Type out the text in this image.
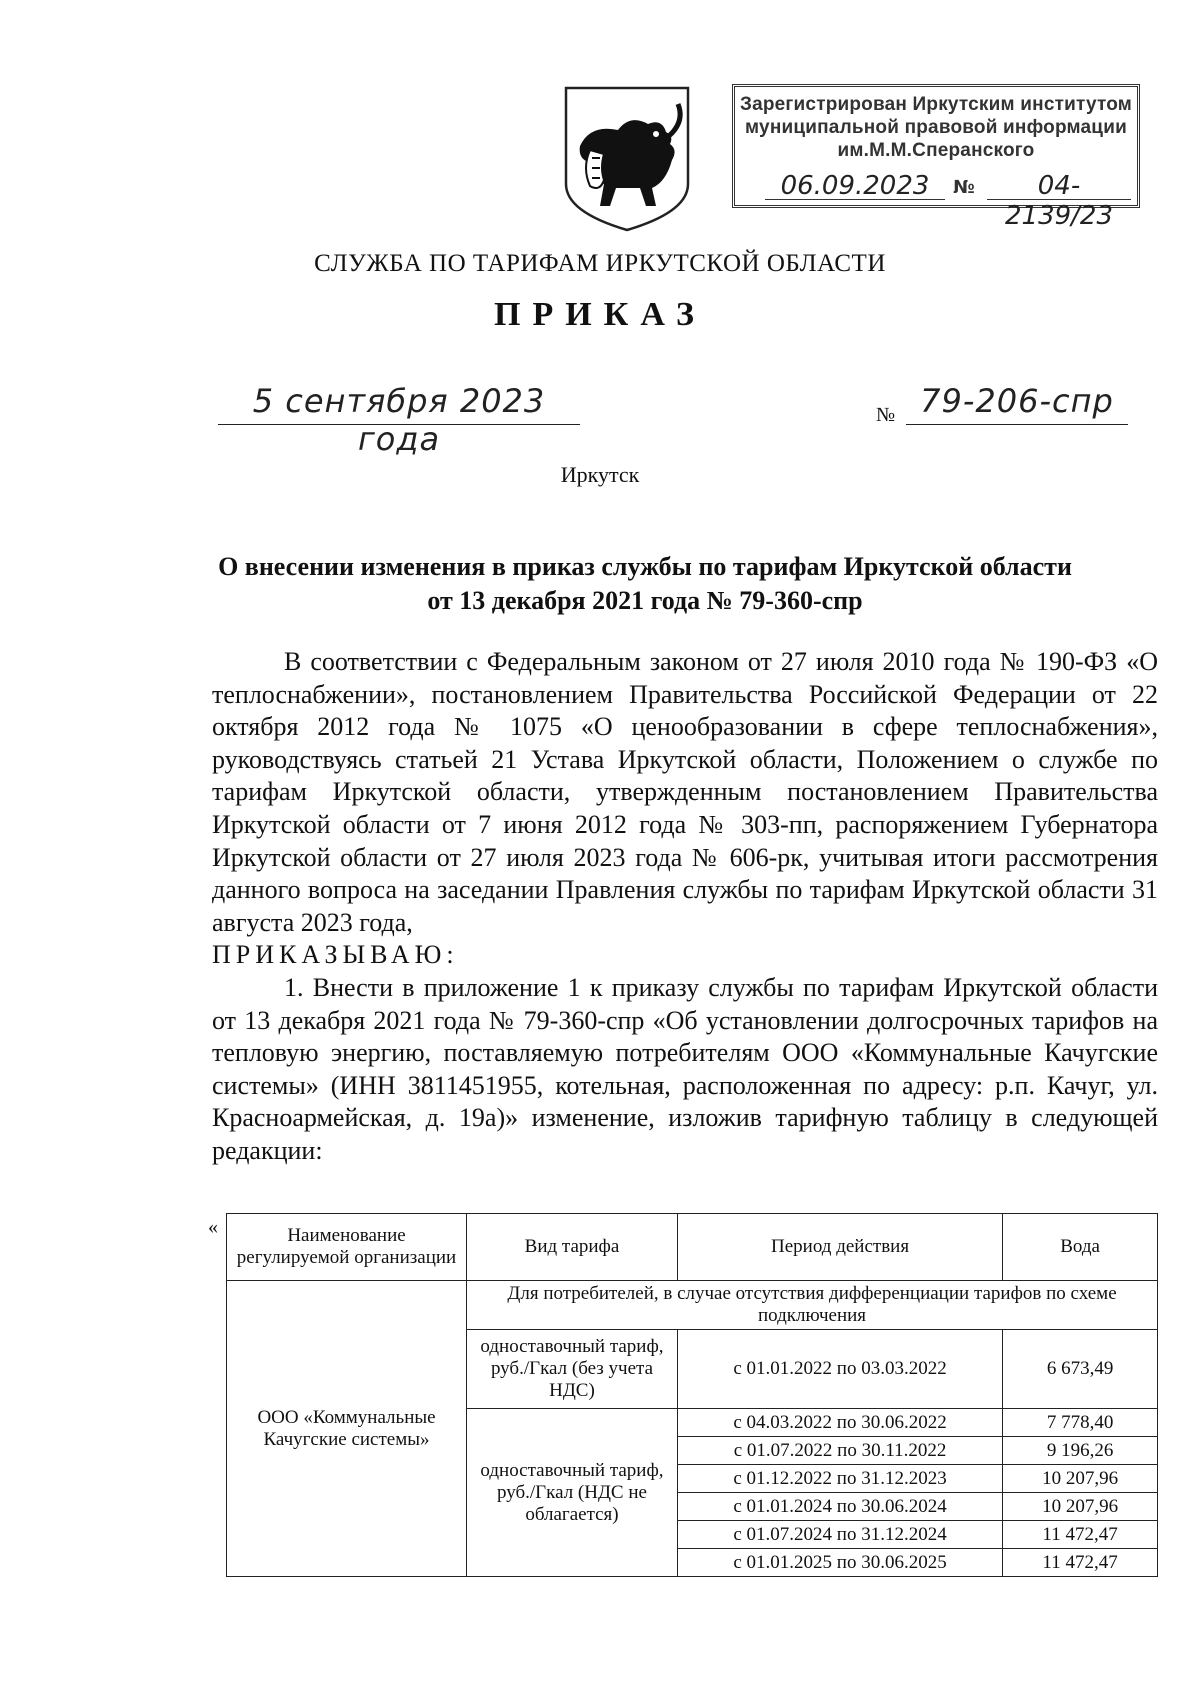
Зарегистрирован Иркутским институтом
муниципальной правовой информации
им.М.М.Сперанского
06.09.2023	№	04-2139/23
СЛУЖБА ПО ТАРИФАМ ИРКУТСКОЙ ОБЛАСТИ
ПРИКАЗ
5 сентября 2023 года
№ 79-206-спр
Иркутск
О внесении изменения в приказ службы по тарифам Иркутской области
от 13 декабря 2021 года № 79-360-спр

В соответствии с Федеральным законом от 27 июля 2010 года № 190-ФЗ «О теплоснабжении», постановлением Правительства Российской Федерации от 22 октября 2012 года № 1075 «О ценообразовании в сфере теплоснабжения», руководствуясь статьей 21 Устава Иркутской области, Положением о службе по тарифам Иркутской области, утвержденным постановлением Правительства Иркутской области от 7 июня 2012 года № 303-пп, распоряжением Губернатора Иркутской области от 27 июля 2023 года № 606-рк, учитывая итоги рассмотрения данного вопроса на заседании Правления службы по тарифам Иркутской области 31 августа 2023 года,

ПРИКАЗЫВАЮ:

1. Внести в приложение 1 к приказу службы по тарифам Иркутской области от 13 декабря 2021 года № 79-360-спр «Об установлении долгосрочных тарифов на тепловую энергию, поставляемую потребителям ООО «Коммунальные Качугские системы» (ИНН 3811451955, котельная, расположенная по адресу: р.п. Качуг, ул. Красноармейская, д. 19а)» изменение, изложив тарифную таблицу в следующей редакции:

«	Наименование регулируемой организации	Вид тарифа	Период действия	Вода
ООО «Коммунальные Качугские системы»	Для потребителей, в случае отсутствия дифференциации тарифов по схеме подключения		
	одноставочный тариф, руб./Гкал (без учета НДС)	с 01.01.2022 по 03.03.2022	6 673,49
	одноставочный тариф, руб./Гкал (НДС не облагается)	с 04.03.2022 по 30.06.2022	7 778,40
		с 01.07.2022 по 30.11.2022	9 196,26
		с 01.12.2022 по 31.12.2023	10 207,96
		с 01.01.2024 по 30.06.2024	10 207,96
		с 01.07.2024 по 31.12.2024	11 472,47
		с 01.01.2025 по 30.06.2025	11 472,47
